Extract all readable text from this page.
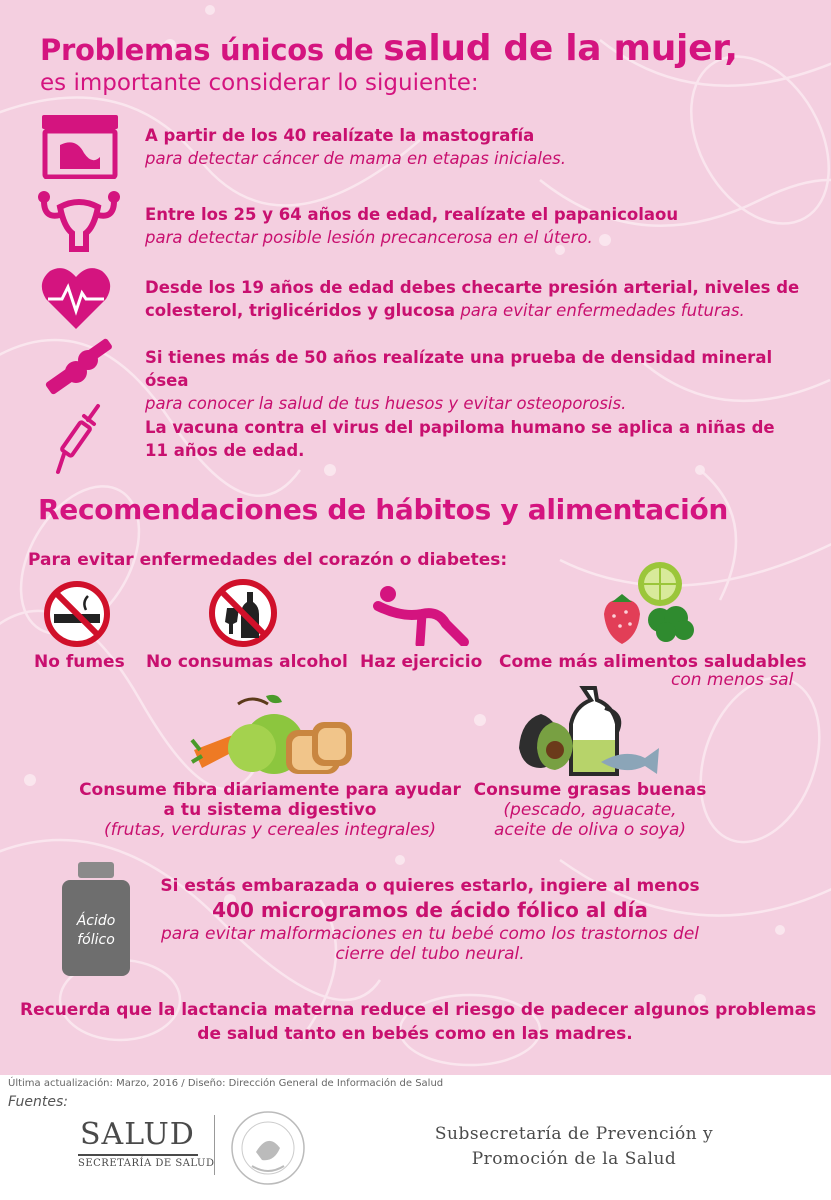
Problemas únicos de salud de la mujer,
es importante considerar lo siguiente:
A partir de los 40 realízate la mastografía
para detectar cáncer de mama en etapas iniciales.
Entre los 25 y 64 años de edad, realízate el papanicolaou
para detectar posible lesión precancerosa en el útero.
Desde los 19 años de edad debes checarte presión arterial, niveles de
colesterol, triglicéridos y glucosa para evitar enfermedades futuras.
Si tienes más de 50 años realízate una prueba de densidad mineral ósea
para conocer la salud de tus huesos y evitar osteoporosis.
La vacuna contra el virus del papiloma humano se aplica a niñas de
11 años de edad.
Recomendaciones de hábitos y alimentación
Para evitar enfermedades del corazón o diabetes:
No fumes No consumas alcohol Haz ejercicio Come más alimentos saludables
con menos sal
Consume fibra diariamente para ayudar
a tu sistema digestivo
(frutas, verduras y cereales integrales)
Consume grasas buenas
(pescado, aguacate,
aceite de oliva o soya)
Ácido
fólico
Si estás embarazada o quieres estarlo, ingiere al menos
400 microgramos de ácido fólico al día
para evitar malformaciones en tu bebé como los trastornos del
cierre del tubo neural.
Recuerda que la lactancia materna reduce el riesgo de padecer algunos problemas
de salud tanto en bebés como en las madres.
Última actualización: Marzo, 2016 / Diseño: Dirección General de Información de Salud
Fuentes:
SALUD
SECRETARÍA DE SALUD
Subsecretaría de Prevención y
Promoción de la Salud
